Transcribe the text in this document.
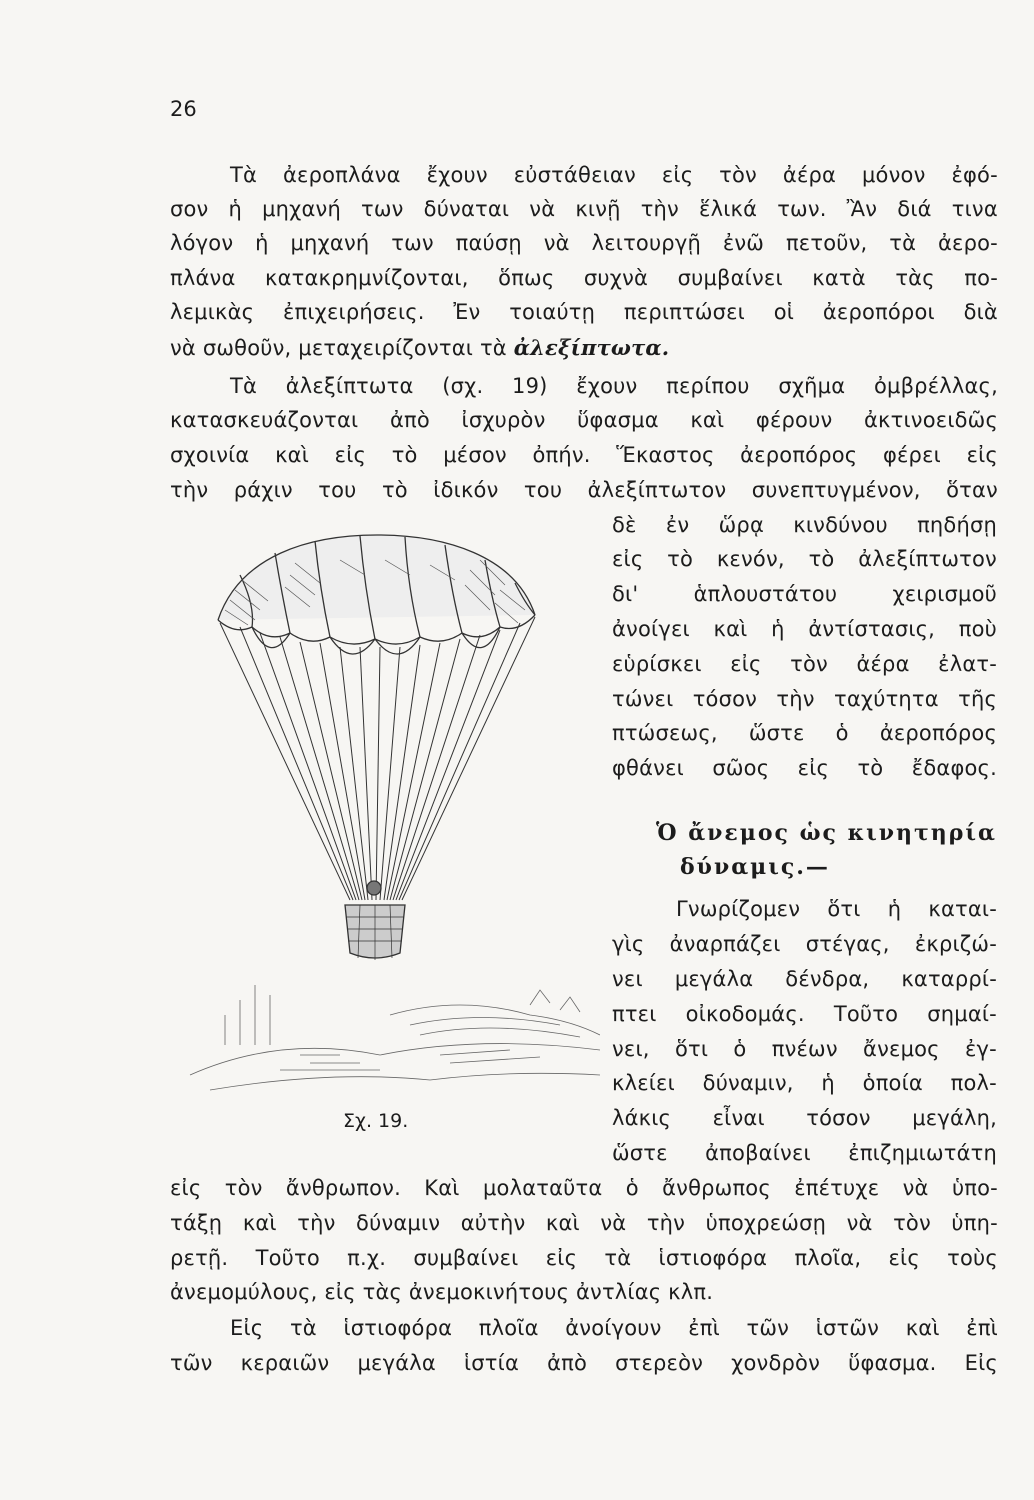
26
Τὰ ἀεροπλάνα ἔχουν εὐστάθειαν εἰς τὸν ἀέρα μόνον ἐφό-
σον ἡ μηχανή των δύναται νὰ κινῇ τὴν ἕλικά των. Ἂν διά τινα
λόγον ἡ μηχανή των παύσῃ νὰ λειτουργῇ ἐνῶ πετοῦν, τὰ ἀερο-
πλάνα κατακρημνίζονται, ὅπως συχνὰ συμβαίνει κατὰ τὰς πο-
λεμικὰς ἐπιχειρήσεις. Ἐν τοιαύτῃ περιπτώσει οἱ ἀεροπόροι διὰ
νὰ σωθοῦν, μεταχειρίζονται τὰ ἀλεξίπτωτα.
Τὰ ἀλεξίπτωτα (σχ. 19) ἔχουν περίπου σχῆμα ὀμβρέλλας,
κατασκευάζονται ἀπὸ ἰσχυρὸν ὕφασμα καὶ φέρουν ἀκτινοειδῶς
σχοινία καὶ εἰς τὸ μέσον ὀπήν. Ἕκαστος ἀεροπόρος φέρει εἰς
τὴν ράχιν του τὸ ἰδικόν του ἀλεξίπτωτον συνεπτυγμένον, ὅταν
δὲ ἐν ὥρᾳ κινδύνου πηδήσῃ
εἰς τὸ κενόν, τὸ ἀλεξίπτωτον
δι'	ἁπλουστάτου	χειρισμοῦ
ἀνοίγει καὶ ἡ ἀντίστασις, ποὺ
εὑρίσκει εἰς τὸν ἀέρα ἐλατ-
τώνει τόσον τὴν ταχύτητα τῆς
πτώσεως, ὥστε ὁ ἀεροπόρος
φθάνει σῶος εἰς τὸ ἔδαφος.
Ὁ ἄνεμος ὡς κινητηρία
δύναμις.—
Γνωρίζομεν ὅτι ἡ καται-
γὶς ἀναρπάζει στέγας, ἐκριζώ-
νει μεγάλα δένδρα, καταρρί-
πτει οἰκοδομάς. Τοῦτο σημαί-
νει, ὅτι ὁ πνέων ἄνεμος ἐγ-
κλείει δύναμιν, ἡ ὁποία πολ-
λάκις εἶναι τόσον μεγάλη,
ὥστε ἀποβαίνει ἐπιζημιωτάτη
εἰς τὸν ἄνθρωπον. Καὶ μολαταῦτα ὁ ἄνθρωπος ἐπέτυχε νὰ ὑπο-
τάξῃ καὶ τὴν δύναμιν αὐτὴν καὶ νὰ τὴν ὑποχρεώσῃ νὰ τὸν ὑπη-
ρετῇ. Τοῦτο π.χ. συμβαίνει εἰς τὰ ἱστιοφόρα πλοῖα, εἰς τοὺς
ἀνεμομύλους, εἰς τὰς ἀνεμοκινήτους ἀντλίας κλπ.
Εἰς τὰ ἱστιοφόρα πλοῖα ἀνοίγουν ἐπὶ τῶν ἱστῶν καὶ ἐπὶ
τῶν κεραιῶν μεγάλα ἱστία ἀπὸ στερεὸν χονδρὸν ὕφασμα. Εἰς
Σχ. 19.
